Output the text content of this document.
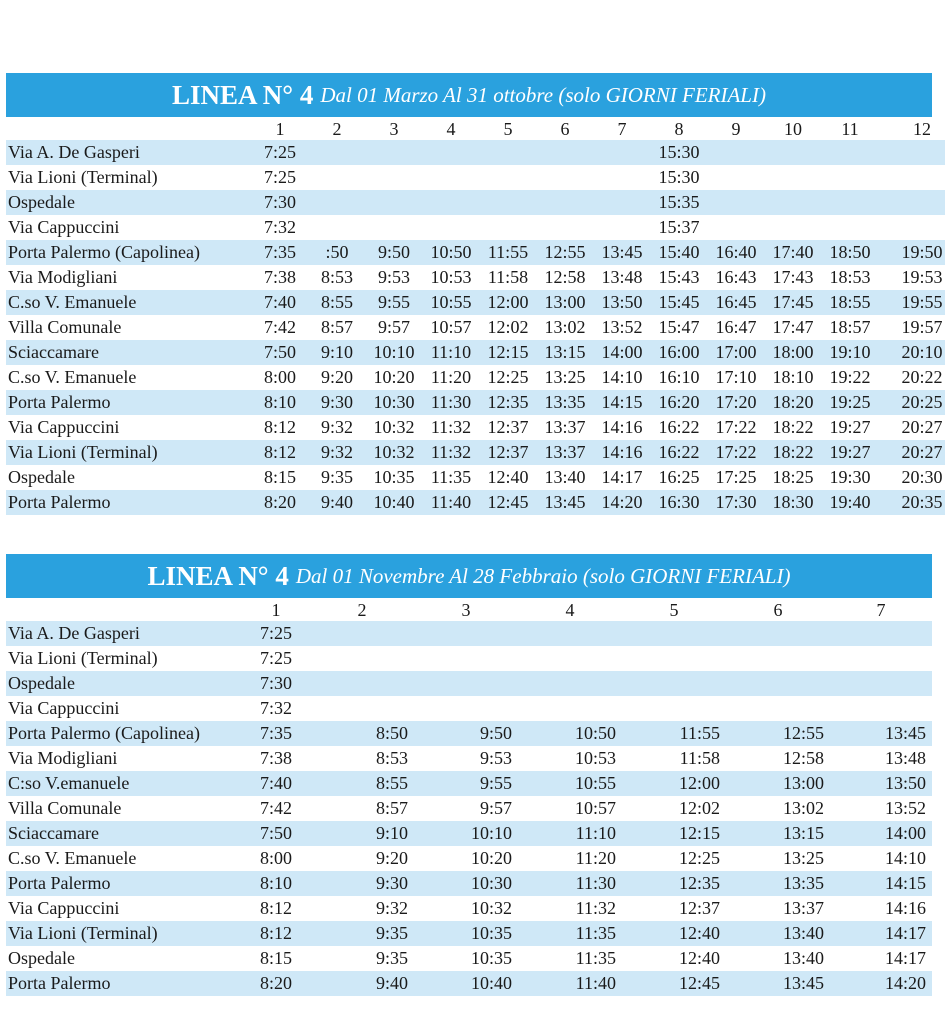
LINEA N° 4 Dal 01 Marzo Al 31 ottobre (solo GIORNI FERIALI)
	1	2	3	4	5	6	7	8	9	10	11	12
Via A. De Gasperi	7:25							15:30				
Via Lioni (Terminal)	7:25							15:30				
Ospedale	7:30							15:35				
Via Cappuccini	7:32							15:37				
Porta Palermo (Capolinea)	7:35	:50	9:50	10:50	11:55	12:55	13:45	15:40	16:40	17:40	18:50	19:50
Via Modigliani	7:38	8:53	9:53	10:53	11:58	12:58	13:48	15:43	16:43	17:43	18:53	19:53
C.so V. Emanuele	7:40	8:55	9:55	10:55	12:00	13:00	13:50	15:45	16:45	17:45	18:55	19:55
Villa Comunale	7:42	8:57	9:57	10:57	12:02	13:02	13:52	15:47	16:47	17:47	18:57	19:57
Sciaccamare	7:50	9:10	10:10	11:10	12:15	13:15	14:00	16:00	17:00	18:00	19:10	20:10
C.so V. Emanuele	8:00	9:20	10:20	11:20	12:25	13:25	14:10	16:10	17:10	18:10	19:22	20:22
Porta Palermo	8:10	9:30	10:30	11:30	12:35	13:35	14:15	16:20	17:20	18:20	19:25	20:25
Via Cappuccini	8:12	9:32	10:32	11:32	12:37	13:37	14:16	16:22	17:22	18:22	19:27	20:27
Via Lioni (Terminal)	8:12	9:32	10:32	11:32	12:37	13:37	14:16	16:22	17:22	18:22	19:27	20:27
Ospedale	8:15	9:35	10:35	11:35	12:40	13:40	14:17	16:25	17:25	18:25	19:30	20:30
Porta Palermo	8:20	9:40	10:40	11:40	12:45	13:45	14:20	16:30	17:30	18:30	19:40	20:35
LINEA N° 4 Dal 01 Novembre Al 28 Febbraio (solo GIORNI FERIALI)
	1	2	3	4	5	6	7
Via A. De Gasperi	7:25						
Via Lioni (Terminal)	7:25						
Ospedale	7:30						
Via Cappuccini	7:32						
Porta Palermo (Capolinea)	7:35	8:50	9:50	10:50	11:55	12:55	13:45
Via Modigliani	7:38	8:53	9:53	10:53	11:58	12:58	13:48
C:so V.emanuele	7:40	8:55	9:55	10:55	12:00	13:00	13:50
Villa Comunale	7:42	8:57	9:57	10:57	12:02	13:02	13:52
Sciaccamare	7:50	9:10	10:10	11:10	12:15	13:15	14:00
C.so V. Emanuele	8:00	9:20	10:20	11:20	12:25	13:25	14:10
Porta Palermo	8:10	9:30	10:30	11:30	12:35	13:35	14:15
Via Cappuccini	8:12	9:32	10:32	11:32	12:37	13:37	14:16
Via Lioni (Terminal)	8:12	9:35	10:35	11:35	12:40	13:40	14:17
Ospedale	8:15	9:35	10:35	11:35	12:40	13:40	14:17
Porta Palermo	8:20	9:40	10:40	11:40	12:45	13:45	14:20
